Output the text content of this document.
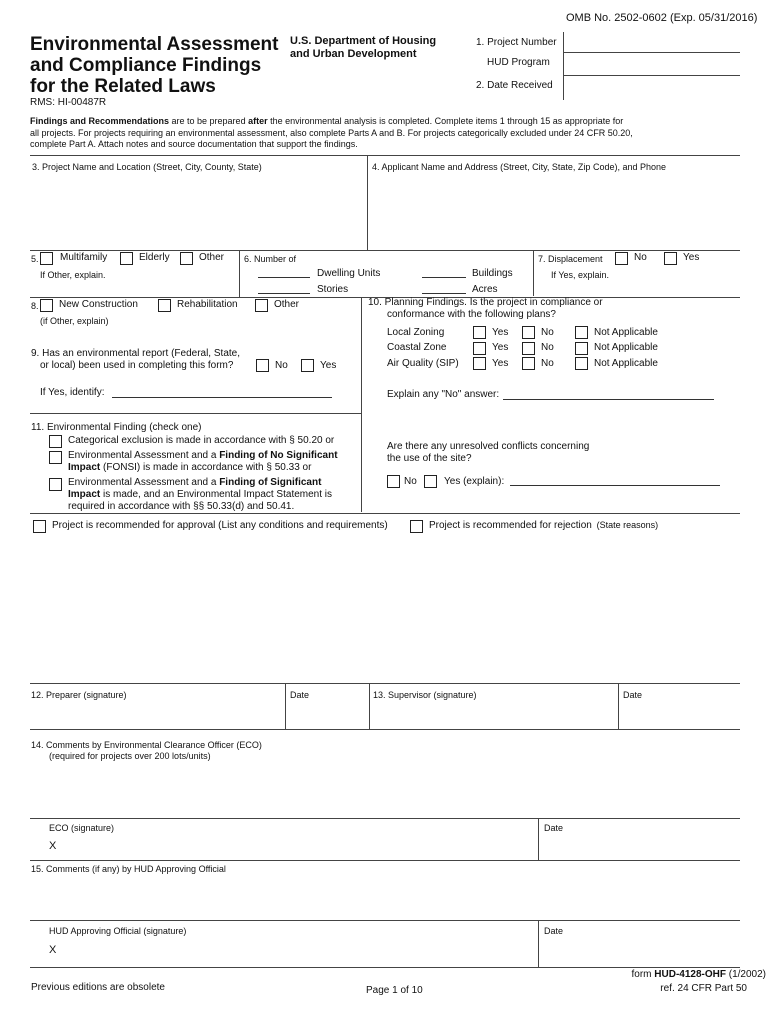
OMB No. 2502-0602 (Exp. 05/31/2016)
Environmental Assessment
and Compliance Findings
for the Related Laws
RMS: HI-00487R
U.S. Department of Housing
and Urban Development
1. Project Number
HUD Program
2. Date Received
Findings and Recommendations are to be prepared after the environmental analysis is completed. Complete items 1 through 15 as appropriate for
all projects. For projects requiring an environmental assessment, also complete Parts A and B. For projects categorically excluded under 24 CFR 50.20,
complete Part A. Attach notes and source documentation that support the findings.
3. Project Name and Location (Street, City, County, State)	4. Applicant Name and Address (Street, City, State, Zip Code), and Phone
5. Multifamily	Elderly	Other
If Other, explain.
6. Number of
Dwelling Units	Buildings
Stories	Acres
7. Displacement	No	Yes
If Yes, explain.
8. New Construction	Rehabilitation	Other
(if Other, explain)
9. Has an environmental report (Federal, State,
or local) been used in completing this form?	No	Yes
If Yes, identify:
10. Planning Findings. Is the project in compliance or
conformance with the following plans?
Local Zoning	Yes	No	Not Applicable
Coastal Zone	Yes	No	Not Applicable
Air Quality (SIP)	Yes	No	Not Applicable
Explain any "No" answer:
Are there any unresolved conflicts concerning
the use of the site?
No	Yes (explain):
11. Environmental Finding (check one)
Categorical exclusion is made in accordance with § 50.20 or
Environmental Assessment and a Finding of No Significant
Impact (FONSI) is made in accordance with § 50.33 or
Environmental Assessment and a Finding of Significant
Impact is made, and an Environmental Impact Statement is
required in accordance with §§ 50.33(d) and 50.41.
Project is recommended for approval (List any conditions and requirements)	Project is recommended for rejection (State reasons)
12. Preparer (signature)	Date	13. Supervisor (signature)	Date
14. Comments by Environmental Clearance Officer (ECO)
(required for projects over 200 lots/units)
ECO (signature)
X
Date
15. Comments (if any) by HUD Approving Official
HUD Approving Official (signature)
X
Date
Previous editions are obsolete	Page 1 of 10
form HUD-4128-OHF (1/2002)
ref. 24 CFR Part 50
